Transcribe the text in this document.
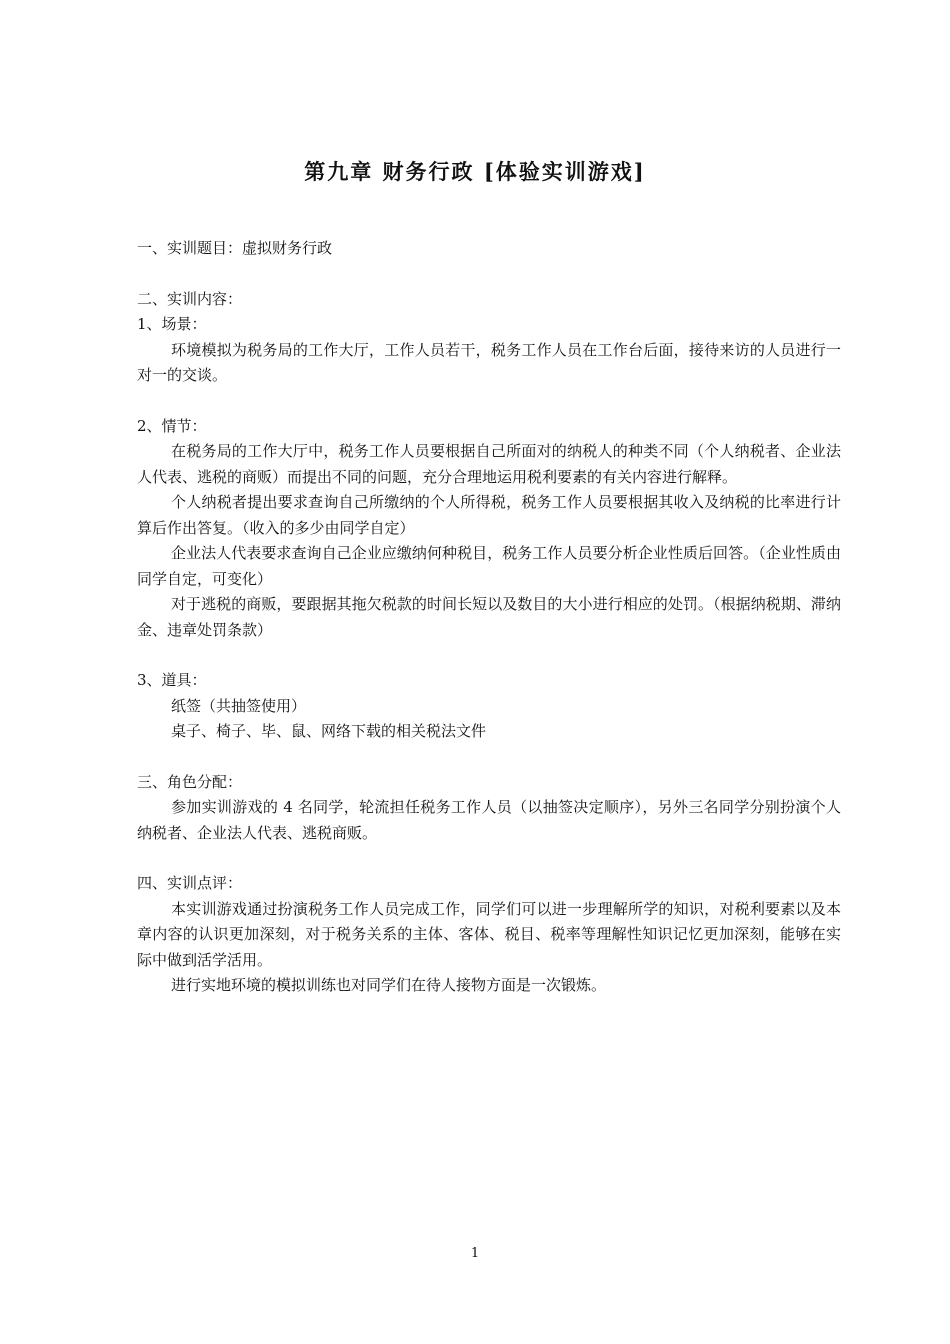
第九章 财务行政 [体验实训游戏]
一、实训题目：虚拟财务行政
二、实训内容：
1、场景：
环境模拟为税务局的工作大厅，工作人员若干，税务工作人员在工作台后面，接待来访的人员进行一对一的交谈。
2、情节：
在税务局的工作大厅中，税务工作人员要根据自己所面对的纳税人的种类不同（个人纳税者、企业法人代表、逃税的商贩）而提出不同的问题，充分合理地运用税利要素的有关内容进行解释。
个人纳税者提出要求查询自己所缴纳的个人所得税，税务工作人员要根据其收入及纳税的比率进行计算后作出答复。（收入的多少由同学自定）
企业法人代表要求查询自己企业应缴纳何种税目，税务工作人员要分析企业性质后回答。（企业性质由同学自定，可变化）
对于逃税的商贩，要跟据其拖欠税款的时间长短以及数目的大小进行相应的处罚。（根据纳税期、滞纳金、违章处罚条款）
3、道具：
纸签（共抽签使用）
桌子、椅子、毕、鼠、网络下载的相关税法文件
三、角色分配：
参加实训游戏的 4 名同学，轮流担任税务工作人员（以抽签决定顺序），另外三名同学分别扮演个人纳税者、企业法人代表、逃税商贩。
四、实训点评：
本实训游戏通过扮演税务工作人员完成工作，同学们可以进一步理解所学的知识，对税利要素以及本章内容的认识更加深刻，对于税务关系的主体、客体、税目、税率等理解性知识记忆更加深刻，能够在实际中做到活学活用。
进行实地环境的模拟训练也对同学们在待人接物方面是一次锻炼。
1
